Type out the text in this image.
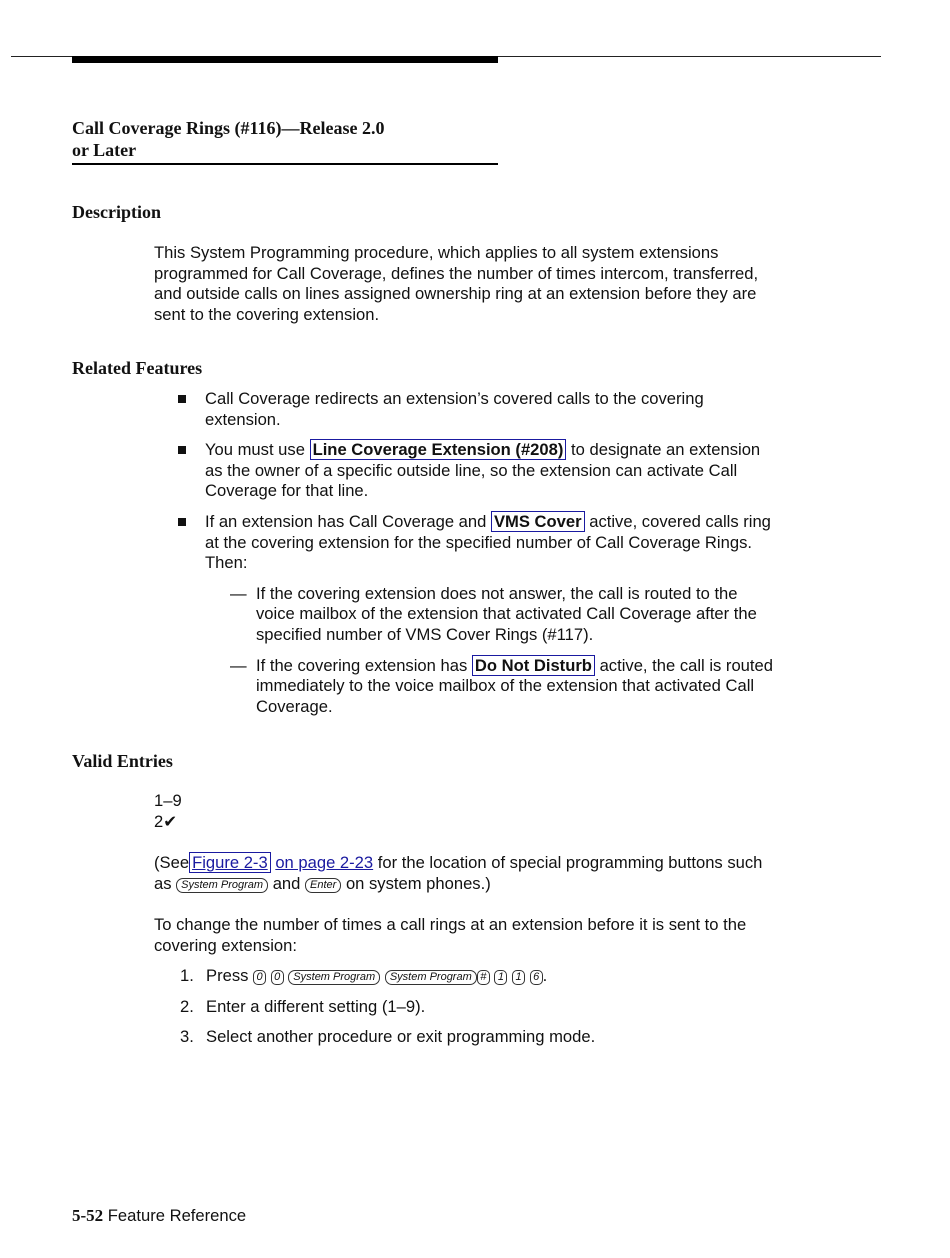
Call Coverage Rings (#116)—Release 2.0
or Later
Description
This System Programming procedure, which applies to all system extensions programmed for Call Coverage, defines the number of times intercom, transferred, and outside calls on lines assigned ownership ring at an extension before they are sent to the covering extension.
Related Features
Call Coverage redirects an extension’s covered calls to the covering extension.
You must use Line Coverage Extension (#208) to designate an extension as the owner of a specific outside line, so the extension can activate Call Coverage for that line.
If an extension has Call Coverage and VMS Cover active, covered calls ring at the covering extension for the specified number of Call Coverage Rings. Then:
— If the covering extension does not answer, the call is routed to the voice mailbox of the extension that activated Call Coverage after the specified number of VMS Cover Rings (#117).
— If the covering extension has Do Not Disturb active, the call is routed immediately to the voice mailbox of the extension that activated Call Coverage.
Valid Entries
1–9
2✔
(See Figure 2-3 on page 2-23 for the location of special programming buttons such as System Program and Enter on system phones.)
To change the number of times a call rings at an extension before it is sent to the covering extension:
1. Press 0 0 System Program System Program # 1 1 6 .
2. Enter a different setting (1–9).
3. Select another procedure or exit programming mode.
5-52 Feature Reference
